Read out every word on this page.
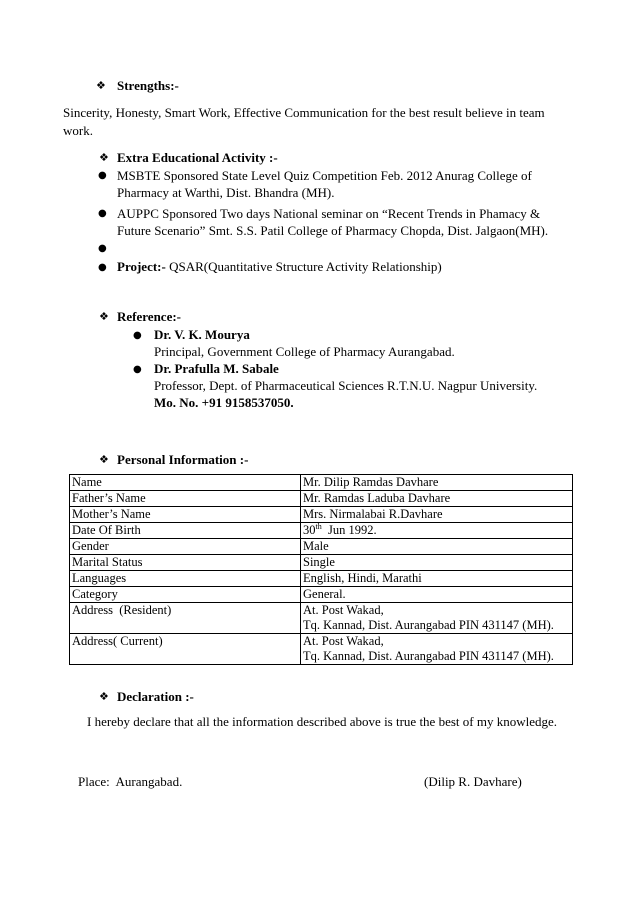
❖ Strengths:-
Sincerity, Honesty, Smart Work, Effective Communication for the best result believe in team work.
❖ Extra Educational Activity :-
● MSBTE Sponsored State Level Quiz Competition Feb. 2012 Anurag College of
Pharmacy at Warthi, Dist. Bhandra (MH).
● AUPPC Sponsored Two days National seminar on “Recent Trends in Phamacy &
Future Scenario” Smt. S.S. Patil College of Pharmacy Chopda, Dist. Jalgaon(MH).
●
● Project:- QSAR(Quantitative Structure Activity Relationship)
❖ Reference:-
● Dr. V. K. Mourya
Principal, Government College of Pharmacy Aurangabad.
● Dr. Prafulla M. Sabale
Professor, Dept. of Pharmaceutical Sciences R.T.N.U. Nagpur University.
Mo. No. +91 9158537050.
❖ Personal Information :-
Name	Mr. Dilip Ramdas Davhare
Father’s Name	Mr. Ramdas Laduba Davhare
Mother’s Name	Mrs. Nirmalabai R.Davhare
Date Of Birth	30th  Jun 1992.
Gender	Male
Marital Status	Single
Languages	English, Hindi, Marathi
Category	General.
Address  (Resident)	At. Post Wakad,
Tq. Kannad, Dist. Aurangabad PIN 431147 (MH).

Address( Current)	At. Post Wakad,
Tq. Kannad, Dist. Aurangabad PIN 431147 (MH).
❖ Declaration :-
I hereby declare that all the information described above is true the best of my knowledge.
Place:  Aurangabad.	(Dilip R. Davhare)
